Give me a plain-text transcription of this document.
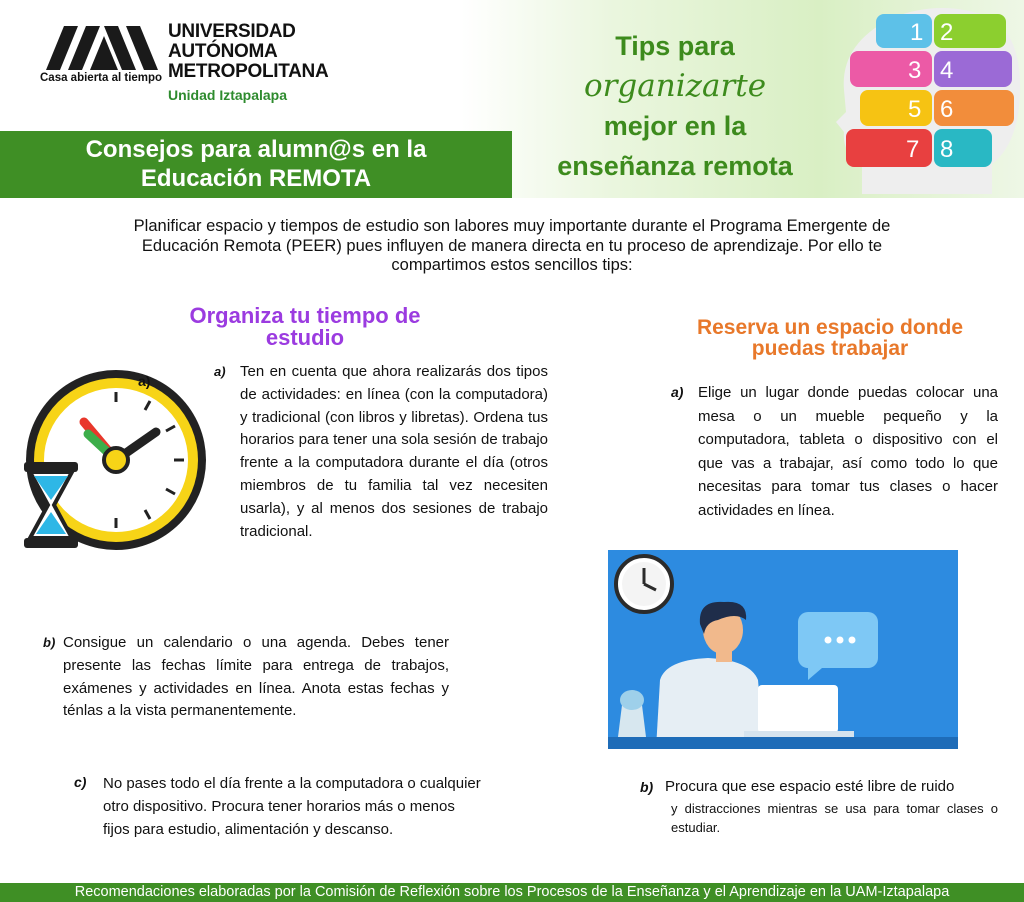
Casa abierta al tiempo
UNIVERSIDAD
AUTÓNOMA
METROPOLITANA
Unidad Iztapalapa
Consejos para alumn@s en la
Educación REMOTA
Tips para
organizarte
mejor en la
enseñanza remota
1 2
3 4
5 6
7 8
Planificar espacio y tiempos de estudio son labores muy importante durante el Programa Emergente de
Educación Remota (PEER) pues influyen de manera directa en tu proceso de aprendizaje. Por ello te
compartimos estos sencillos tips:
Organiza tu tiempo de
estudio
a)
a) Ten en cuenta que ahora realizarás dos tipos de actividades: en línea (con la computadora) y tradicional (con libros y libretas). Ordena tus horarios para tener una sola sesión de trabajo frente a la computadora durante el día (otros miembros de tu familia tal vez necesiten usarla), y al menos dos sesiones de trabajo tradicional.
b) Consigue un calendario o una agenda. Debes tener presente las fechas límite para entrega de trabajos, exámenes y actividades en línea. Anota estas fechas y ténlas a la vista permanentemente.
c) No pases todo el día frente a la computadora o cualquier
otro dispositivo. Procura tener horarios más o menos
fijos para estudio, alimentación y descanso.
Reserva un espacio donde
puedas trabajar
a) Elige un lugar donde puedas colocar una mesa o un mueble pequeño y la computadora, tableta o dispositivo con el que vas a trabajar, así como todo lo que necesitas para tomar tus clases o hacer actividades en línea.
b) Procura que ese espacio esté libre de ruido
y distracciones mientras se usa para tomar clases o estudiar.
Recomendaciones elaboradas por la Comisión de Reflexión sobre los Procesos de la Enseñanza y el Aprendizaje en la UAM-Iztapalapa
